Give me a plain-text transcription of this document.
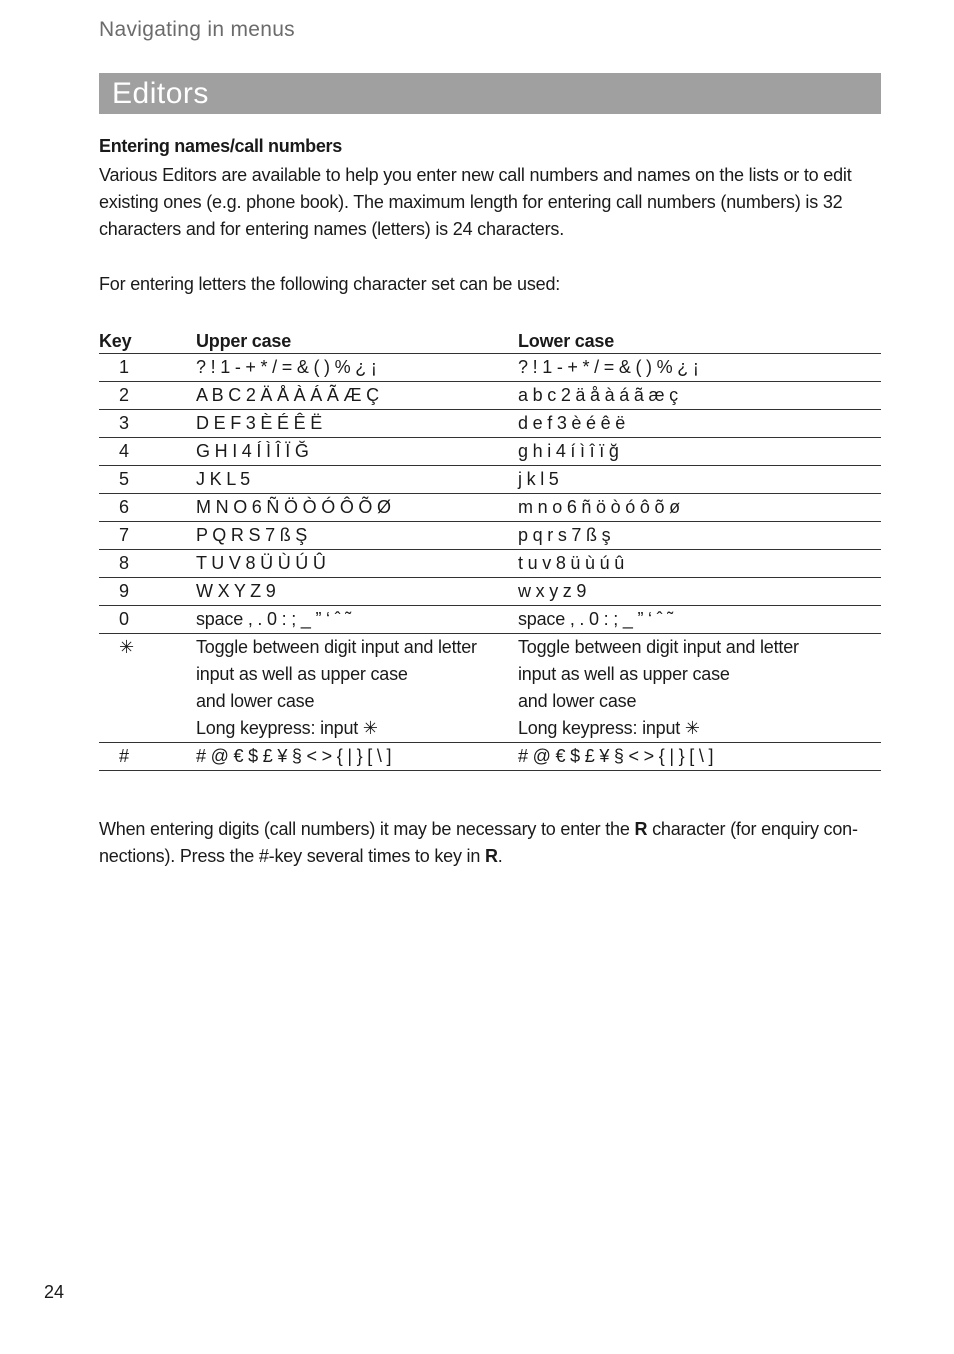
Navigating in menus
Editors
Entering names/call numbers
Various Editors are available to help you enter new call numbers and names on the lists or to edit existing ones (e.g. phone book). The maximum length for entering call numbers (numbers) is 32 characters and for entering names (letters) is 24 characters.
For entering letters the following character set can be used:
Key	Upper case	Lower case
1	? ! 1 - + * / = & ( ) % ¿ ¡	? ! 1 - + * / = & ( ) % ¿ ¡

2	A B C 2 Ä Å À Á Ã Æ Ç	a b c 2 ä å à á ã æ ç

3	D E F 3 È É Ê Ë	d e f 3 è é ê ë

4	G H I 4 Í Ì Î Ï Ğ	g h i 4 í ì î ï ğ

5	J K L 5	j k l 5

6	M N O 6 Ñ Ö Ò Ó Ô Õ Ø	m n o 6 ñ ö ò ó ô õ ø

7	P Q R S 7 ß Ş	p q r s 7 ß ş

8	T U V 8 Ü Ù Ú Û	t u v 8 ü ù ú û

9	W X Y Z 9	w x y z 9

0	space , . 0 : ; _ ” ‘ ˆ ˜	space , . 0 : ; _ ” ‘ ˆ ˜

✳	Toggle between digit input and letter
input as well as upper case
and lower case
Long keypress: input ✳	Toggle between digit input and letter
input as well as upper case
and lower case
Long keypress: input ✳

#	# @ € $ £ ¥ § < > { | } [ \ ]	# @ € $ £ ¥ § < > { | } [ \ ]
When entering digits (call numbers) it may be necessary to enter the R character (for enquiry con-nections). Press the #-key several times to key in R.
24
